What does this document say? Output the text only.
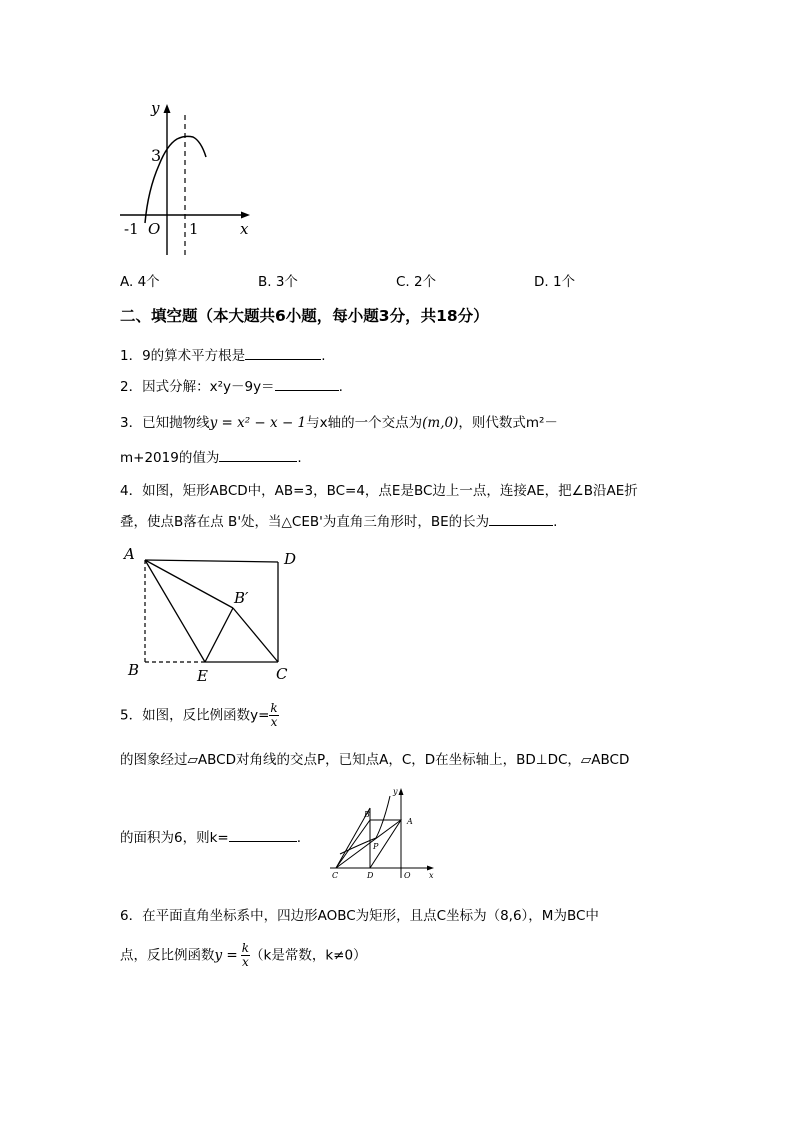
y
3
-1 O 1	x
A. 4个	B. 3个	C. 2个	D. 1个
二、填空题（本大题共6小题，每小题3分，共18分）
1．9的算术平方根是	.
2．因式分解：x²y－9y＝	.
3．已知抛物线y = x² − x − 1与x轴的一个交点为(m,0)，则代数式m²－
m+2019的值为	.
4．如图，矩形ABCD中，AB=3，BC=4，点E是BC边上一点，连接AE，把∠B沿AE折
叠，使点B落在点 B'处，当△CEB'为直角三角形时，BE的长为	.
A	D
B′
B	E	C
5．如图，反比例函数$y= \frac{k}{x}$
的图象经过▱ABCD对角线的交点P，已知点A，C，D在坐标轴上，BD⊥DC，▱ABCD
的面积为6，则k=	.
y
B
A
P
C	D	O x
6．在平面直角坐标系中，四边形AOBC为矩形，且点C坐标为（8,6），M为BC中
点，反比例函数$y = \frac{k}{x} (k$是常数，k≠0）
